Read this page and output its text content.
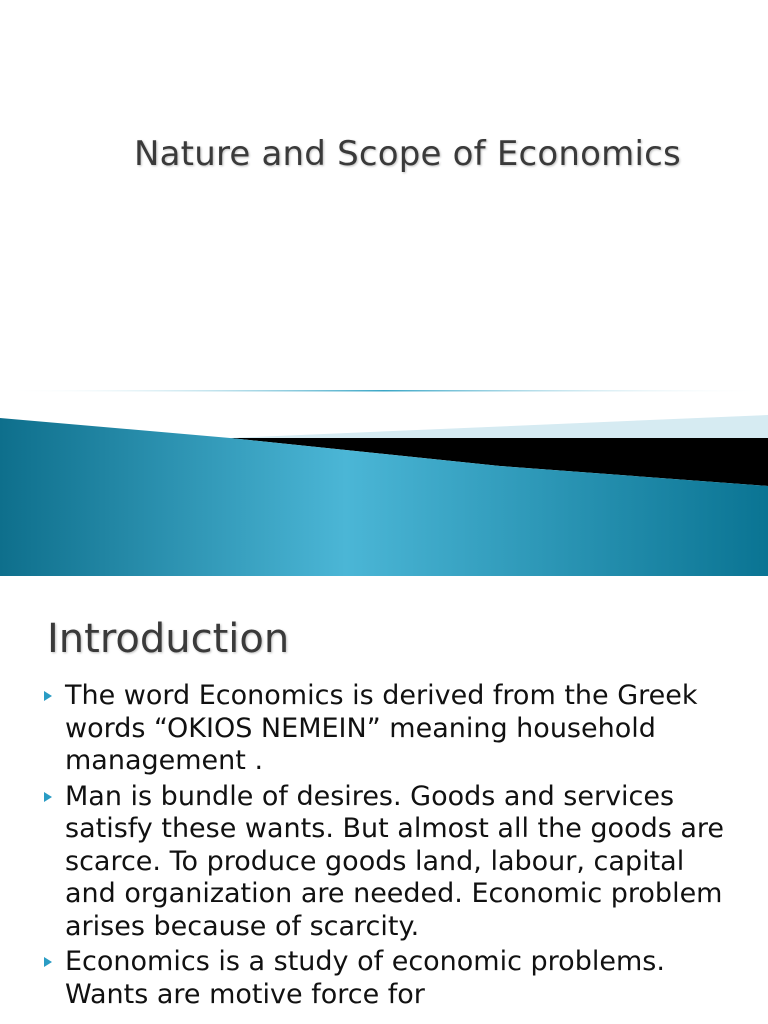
Nature and Scope of Economics
Introduction
The word Economics is derived from the Greek words “OKIOS NEMEIN” meaning household management .
Man is bundle of desires. Goods and services satisfy these wants. But almost all the goods are scarce. To produce goods land, labour, capital and organization are needed. Economic problem arises because of scarcity.
Economics is a study of economic problems. Wants are motive force for
